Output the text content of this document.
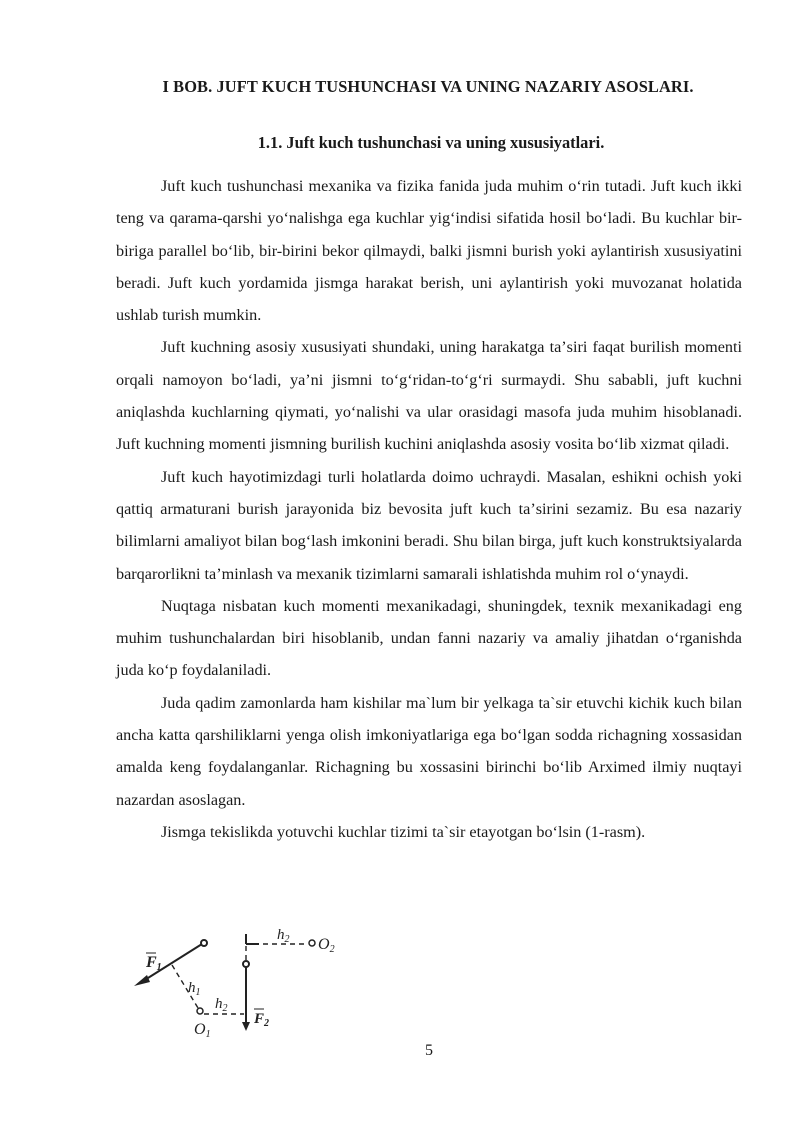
I BOB. JUFT KUCH TUSHUNCHASI VA UNING NAZARIY ASOSLARI.
1.1. Juft kuch tushunchasi va uning xususiyatlari.

Juft kuch tushunchasi mexanika va fizika fanida juda muhim oʻrin tutadi. Juft kuch ikki teng va qarama-qarshi yoʻnalishga ega kuchlar yigʻindisi sifatida hosil boʻladi. Bu kuchlar bir-biriga parallel boʻlib, bir-birini bekor qilmaydi, balki jismni burish yoki aylantirish xususiyatini beradi. Juft kuch yordamida jismga harakat berish, uni aylantirish yoki muvozanat holatida ushlab turish mumkin.

Juft kuchning asosiy xususiyati shundaki, uning harakatga taʼsiri faqat burilish momenti orqali namoyon boʻladi, yaʼni jismni toʻgʻridan-toʻgʻri surmaydi. Shu sababli, juft kuchni aniqlashda kuchlarning qiymati, yoʻnalishi va ular orasidagi masofa juda muhim hisoblanadi. Juft kuchning momenti jismning burilish kuchini aniqlashda asosiy vosita boʻlib xizmat qiladi.

Juft kuch hayotimizdagi turli holatlarda doimo uchraydi. Masalan, eshikni ochish yoki qattiq armaturani burish jarayonida biz bevosita juft kuch taʼsirini sezamiz. Bu esa nazariy bilimlarni amaliyot bilan bogʻlash imkonini beradi. Shu bilan birga, juft kuch konstruktsiyalarda barqarorlikni taʼminlash va mexanik tizimlarni samarali ishlatishda muhim rol oʻynaydi.

Nuqtaga nisbatan kuch momenti mexanikadagi, shuningdek, texnik mexanikadagi eng muhim tushunchalardan biri hisoblanib, undan fanni nazariy va amaliy jihatdan oʻrganishda juda koʻp foydalaniladi.

Juda qadim zamonlarda ham kishilar ma`lum bir yelkaga ta`sir etuvchi kichik kuch bilan ancha katta qarshiliklarni yenga olish imkoniyatlariga ega boʻlgan sodda richagning xossasidan amalda keng foydalanganlar. Richagning bu xossasini birinchi boʻlib Arximed ilmiy nuqtayi nazardan asoslagan.

Jismga tekislikda yotuvchi kuchlar tizimi ta`sir etayotgan boʻlsin (1-rasm).

F1
$h_1$
$h_2$
O1
$F_2$
$h_2$ O2
5
